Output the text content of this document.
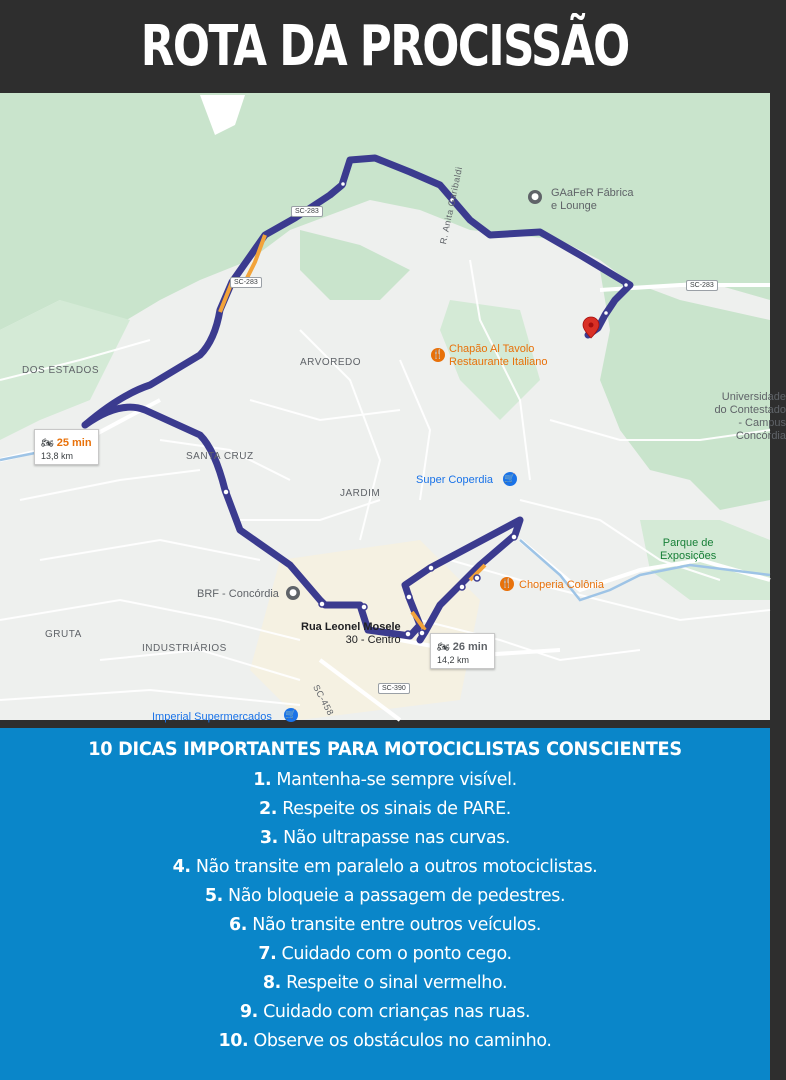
ROTA DA PROCISSÃO
DOS ESTADOS
ARVOREDO
SANTA CRUZ
JARDIM
GRUTA
INDUSTRIÁRIOS
R. Anita Garibaldi
SC-458
SC-283
SC-283	SC-283
SC-390
● GAaFeR Fábrica
e Lounge
🍴 Chapão Al Tavolo
Restaurante Italiano
Super Coperdia 🛒
BRF - Concórdia	●
🍴 Choperia Colônia
Parque de
Exposições
Universidade
do Contestado
- Campus
Concórdia
Imperial Supermercados 🛒
Rua Leonel Mosele
30 - Centro
🏍 25 min
13,8 km
🏍 26 min
14,2 km
10 DICAS IMPORTANTES PARA MOTOCICLISTAS CONSCIENTES
1. Mantenha-se sempre visível.
2. Respeite os sinais de PARE.
3. Não ultrapasse nas curvas.
4. Não transite em paralelo a outros motociclistas.
5. Não bloqueie a passagem de pedestres.
6. Não transite entre outros veículos.
7. Cuidado com o ponto cego.
8. Respeite o sinal vermelho.
9. Cuidado com crianças nas ruas.
10. Observe os obstáculos no caminho.
